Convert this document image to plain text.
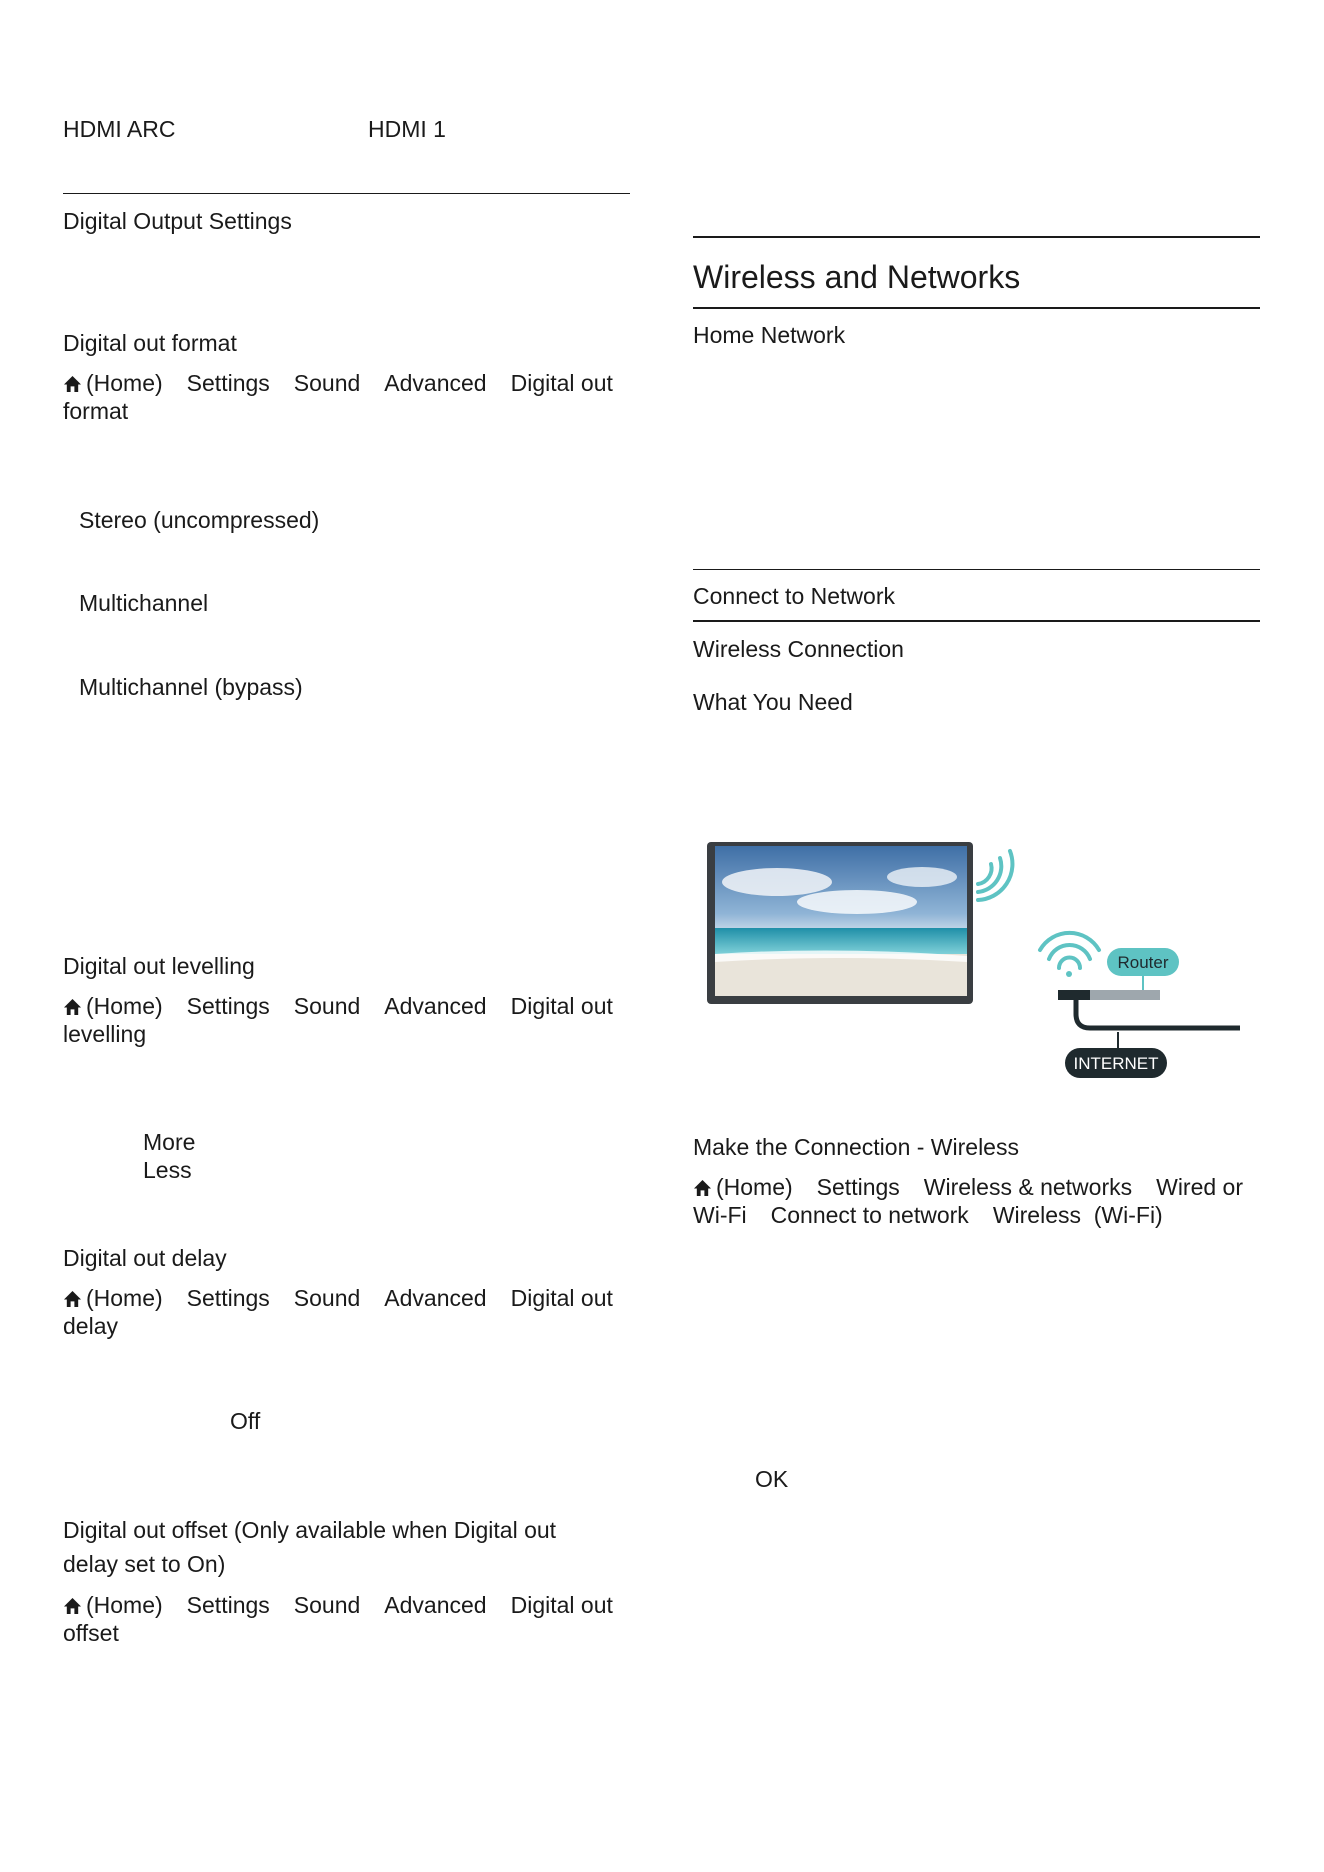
HDMI ARC	HDMI 1
Digital Output Settings
Digital out format
(Home) Settings Sound Advanced Digital out
format
Stereo (uncompressed)
Multichannel
Multichannel (bypass)
Digital out levelling
(Home) Settings Sound Advanced Digital out
levelling
More
Less
Digital out delay
(Home) Settings Sound Advanced Digital out
delay
Off
Digital out offset (Only available when Digital out
delay set to On)
(Home) Settings Sound Advanced Digital out
offset
Wireless and Networks
Home Network
Connect to Network
Wireless Connection
What You Need
Router
INTERNET
Make the Connection - Wireless
(Home) Settings Wireless & networks Wired or
Wi-Fi Connect to network Wireless  (Wi-Fi)
OK
